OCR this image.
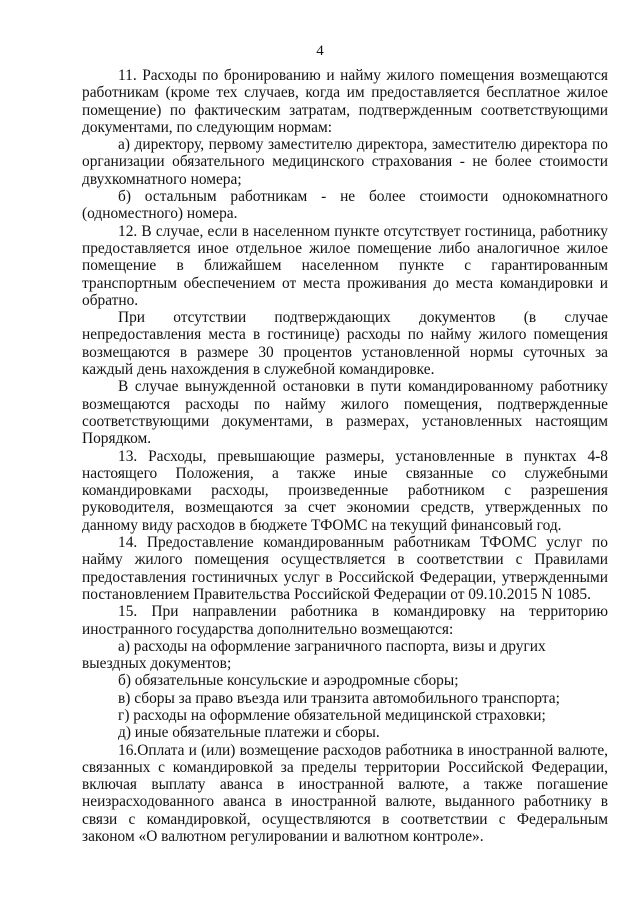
4

11. Расходы по бронированию и найму жилого помещения возмещаются работникам (кроме тех случаев, когда им предоставляется бесплатное жилое помещение) по фактическим затратам, подтвержденным соответствующими документами, по следующим нормам:

а) директору, первому заместителю директора, заместителю директора по организации обязательного медицинского страхования - не более стоимости двухкомнатного номера;

б) остальным работникам - не более стоимости однокомнатного (одноместного) номера.

12. В случае, если в населенном пункте отсутствует гостиница, работнику предоставляется иное отдельное жилое помещение либо аналогичное жилое помещение в ближайшем населенном пункте с гарантированным транспортным обеспечением от места проживания до места командировки и обратно.

При отсутствии подтверждающих документов (в случае непредоставления места в гостинице) расходы по найму жилого помещения возмещаются в размере 30 процентов установленной нормы суточных за каждый день нахождения в служебной командировке.

В случае вынужденной остановки в пути командированному работнику возмещаются расходы по найму жилого помещения, подтвержденные соответствующими документами, в размерах, установленных настоящим Порядком.

13. Расходы, превышающие размеры, установленные в пунктах 4-8 настоящего Положения, а также иные связанные со служебными командировками расходы, произведенные работником с разрешения руководителя, возмещаются за счет экономии средств, утвержденных по данному виду расходов в бюджете ТФОМС на текущий финансовый год.

14. Предоставление командированным работникам ТФОМС услуг по найму жилого помещения осуществляется в соответствии с Правилами предоставления гостиничных услуг в Российской Федерации, утвержденными постановлением Правительства Российской Федерации от 09.10.2015 N 1085.

15. При направлении работника в командировку на территорию иностранного государства дополнительно возмещаются:

а) расходы на оформление заграничного паспорта, визы и других выездных документов;

б) обязательные консульские и аэродромные сборы;

в) сборы за право въезда или транзита автомобильного транспорта;

г) расходы на оформление обязательной медицинской страховки;

д) иные обязательные платежи и сборы.

16.Оплата и (или) возмещение расходов работника в иностранной валюте, связанных с командировкой за пределы территории Российской Федерации, включая выплату аванса в иностранной валюте, а также погашение неизрасходованного аванса в иностранной валюте, выданного работнику в связи с командировкой, осуществляются в соответствии с Федеральным законом «О валютном регулировании и валютном контроле».
